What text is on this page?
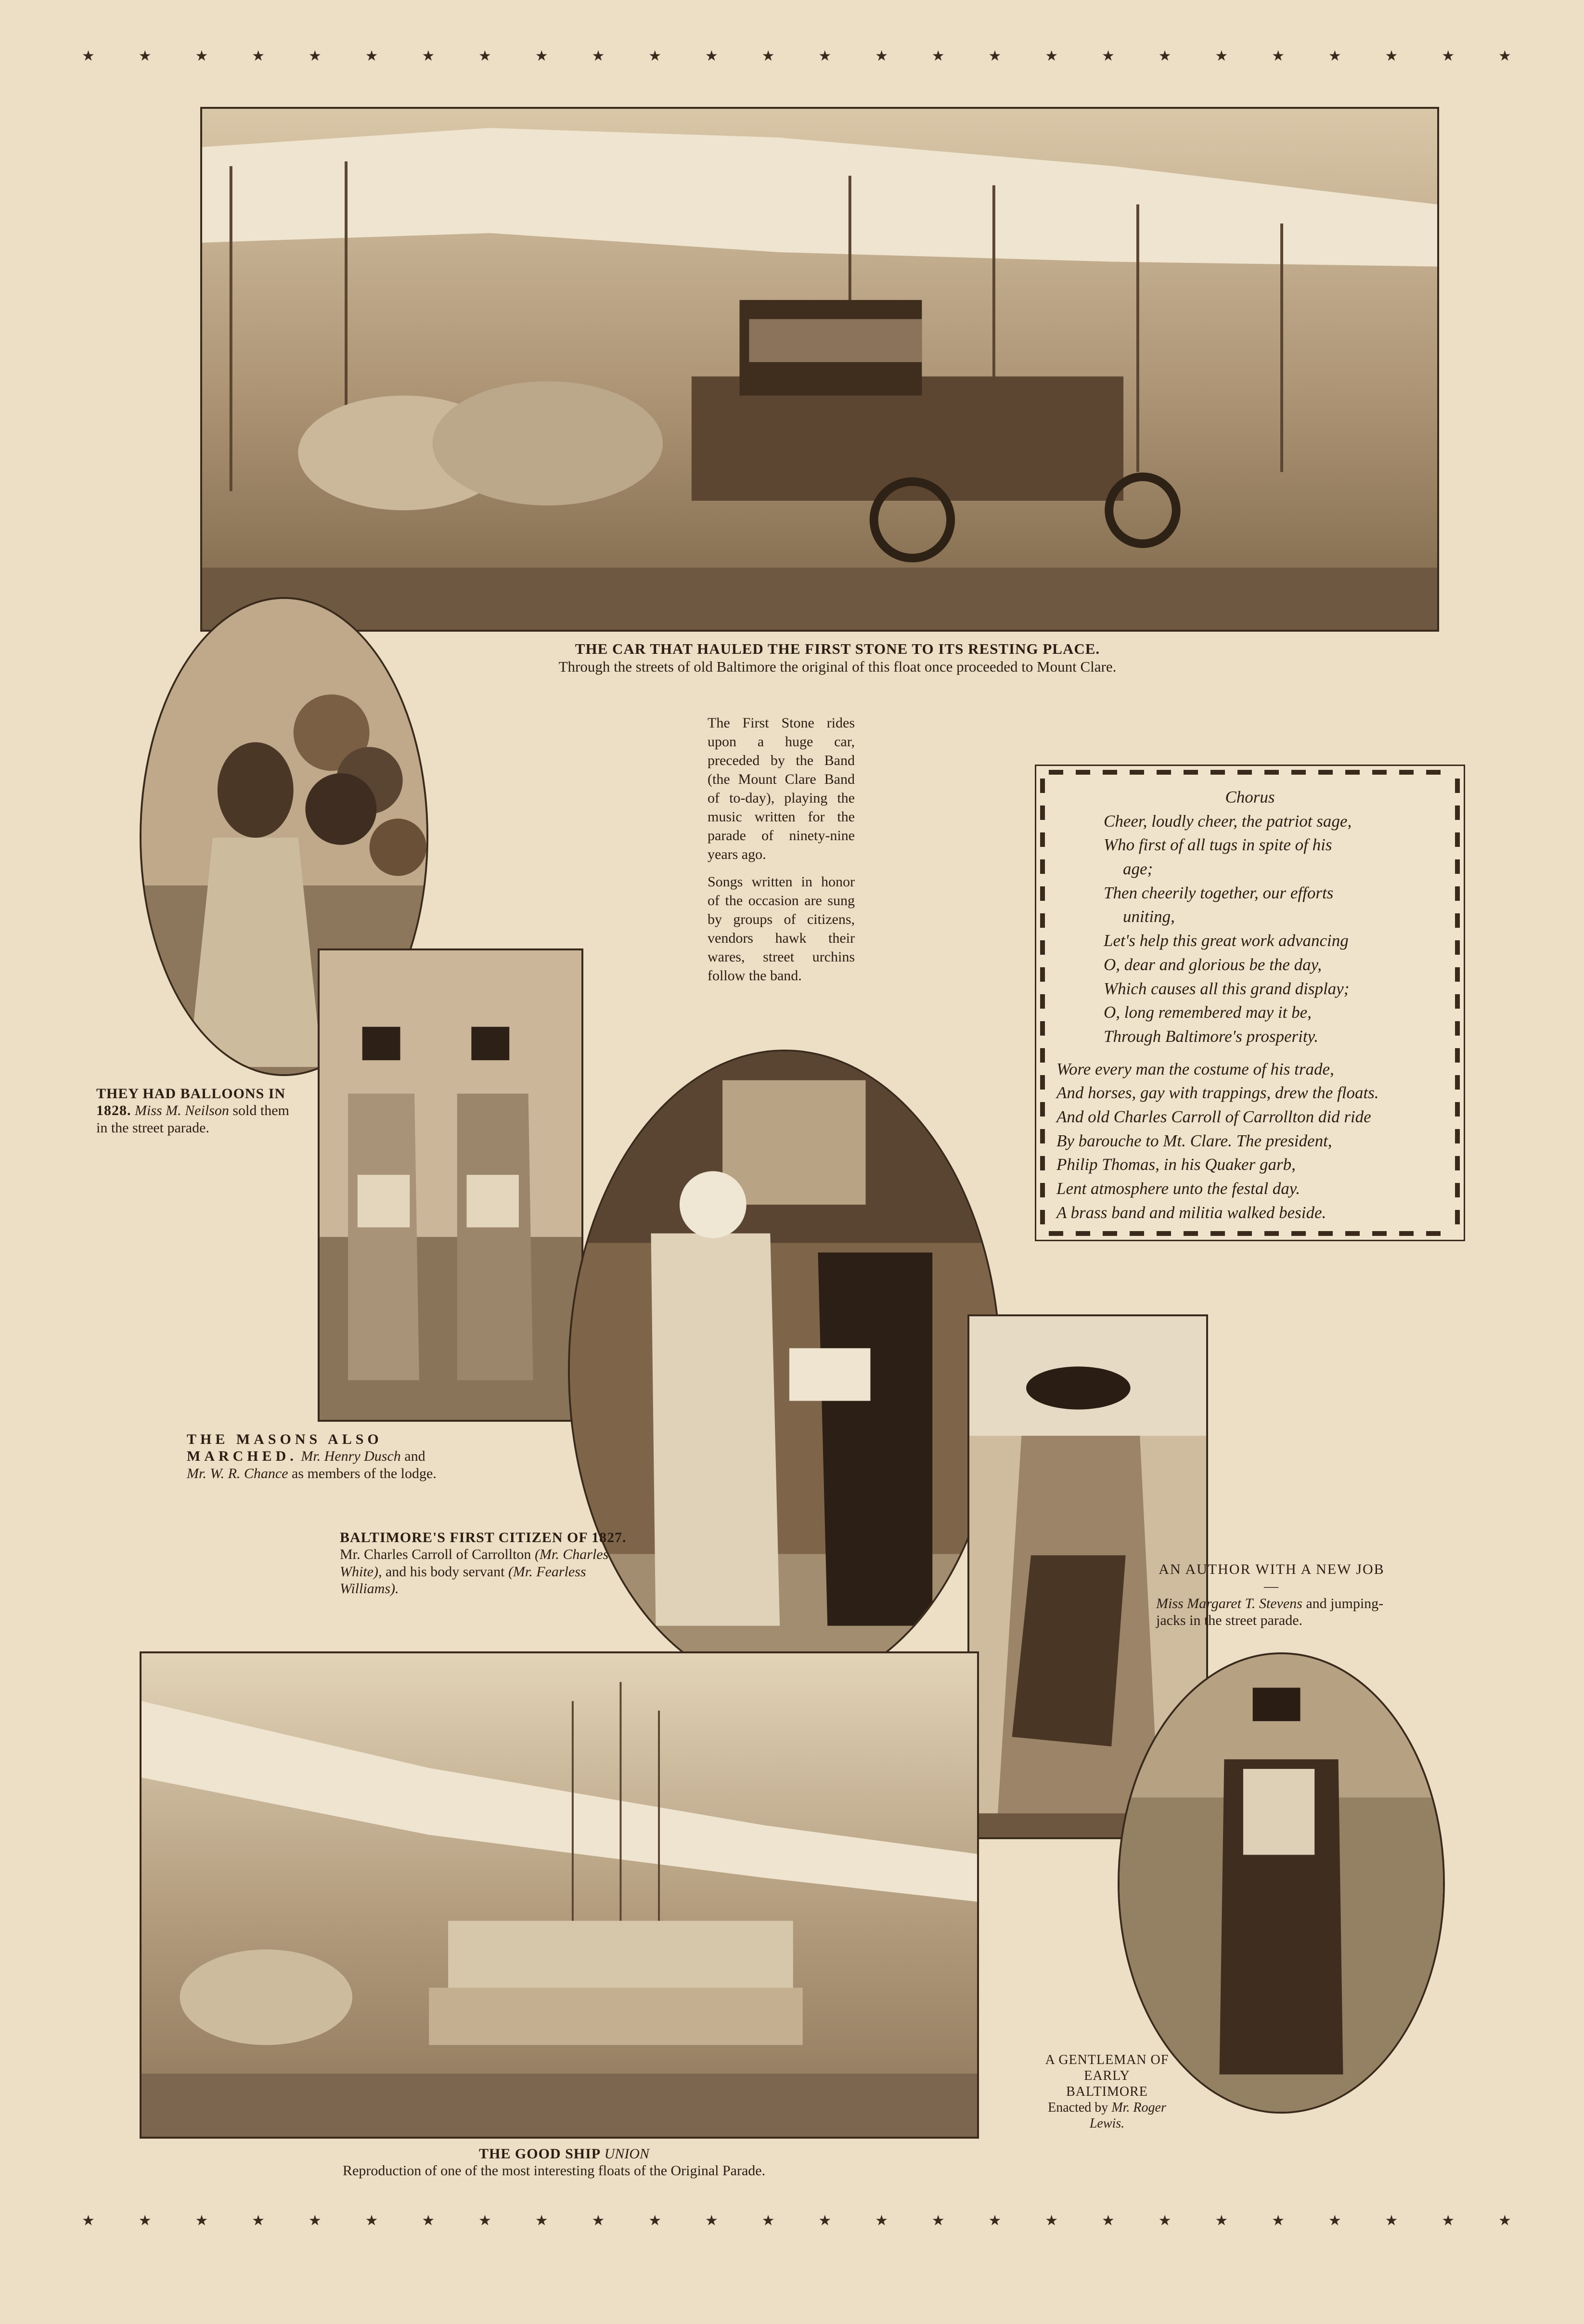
★	★	★	★	★	★	★	★	★	★	★	★	★	★	★	★	★	★	★	★	★	★	★	★	★	★
★	★	★	★	★	★	★	★	★	★	★	★	★	★	★	★	★	★	★	★	★	★	★	★	★	★
THE CAR THAT HAULED THE FIRST STONE TO ITS RESTING PLACE. Through the streets of old Baltimore the original of this float once proceeded to Mount Clare.
THEY HAD BALLOONS IN 1828. Miss M. Neilson sold them in the street parade.
THE MASONS ALSO MARCHED. Mr. Henry Dusch and Mr. W. R. Chance as members of the lodge.
BALTIMORE'S FIRST CITIZEN OF 1827. Mr. Charles Carroll of Carrollton (Mr. Charles White), and his body servant (Mr. Fearless Williams).
AN AUTHOR WITH A NEW JOB—
Miss Margaret T. Stevens and jumping-jacks in the street parade.
A GENTLEMAN OF EARLY BALTIMORE
Enacted by Mr. Roger Lewis.
THE GOOD SHIP UNION
Reproduction of one of the most interesting floats of the Original Parade.

The First Stone rides upon a huge car, preceded by the Band (the Mount Clare Band of to-day), playing the music written for the parade of ninety-nine years ago.

Songs written in honor of the occasion are sung by groups of citizens, vendors hawk their wares, street urchins follow the band.

Chorus
Cheer, loudly cheer, the patriot sage,
Who first of all tugs in spite of his
age;
Then cheerily together, our efforts
uniting,
Let's help this great work advancing
O, dear and glorious be the day,
Which causes all this grand display;
O, long remembered may it be,
Through Baltimore's prosperity.
Wore every man the costume of his trade,
And horses, gay with trappings, drew the floats.
And old Charles Carroll of Carrollton did ride
By barouche to Mt. Clare. The president,
Philip Thomas, in his Quaker garb,
Lent atmosphere unto the festal day.
A brass band and militia walked beside.
